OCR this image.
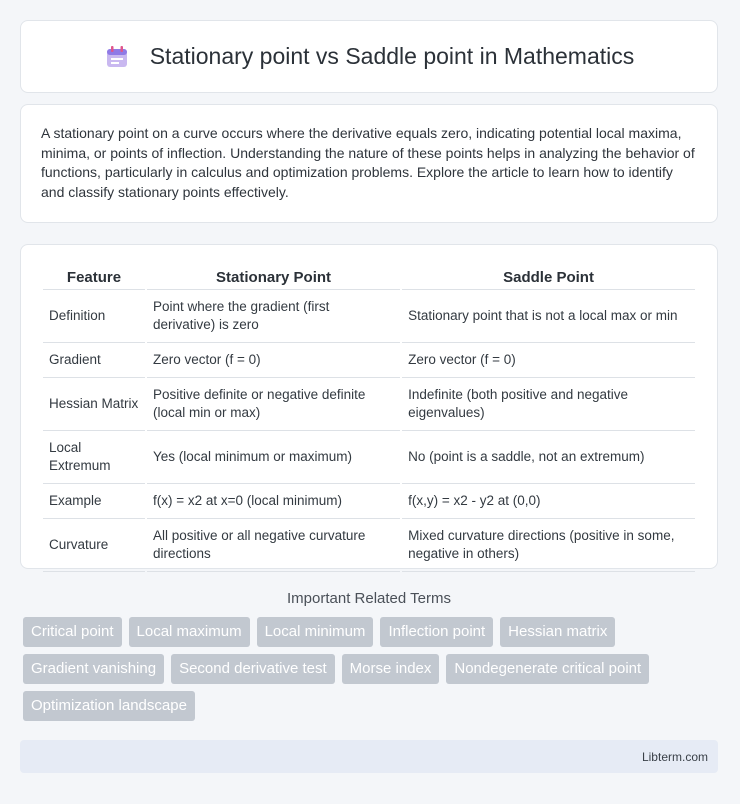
Stationary point vs Saddle point in Mathematics

A stationary point on a curve occurs where the derivative equals zero, indicating potential local maxima, minima, or points of inflection. Understanding the nature of these points helps in analyzing the behavior of functions, particularly in calculus and optimization problems. Explore the article to learn how to identify and classify stationary points effectively.

Feature	Stationary Point	Saddle Point
Definition	Point where the gradient (first derivative) is zero	Stationary point that is not a local max or min
Gradient	Zero vector (f = 0)	Zero vector (f = 0)
Hessian Matrix	Positive definite or negative definite (local min or max)	Indefinite (both positive and negative eigenvalues)
Local Extremum	Yes (local minimum or maximum)	No (point is a saddle, not an extremum)
Example	f(x) = x2 at x=0 (local minimum)	f(x,y) = x2 - y2 at (0,0)
Curvature	All positive or all negative curvature directions	Mixed curvature directions (positive in some, negative in others)
Important Related Terms
Critical point	Local maximum	Local minimum	Inflection point	Hessian matrix
Gradient vanishing	Second derivative test	Morse index	Nondegenerate critical point
Optimization landscape
Libterm.com
